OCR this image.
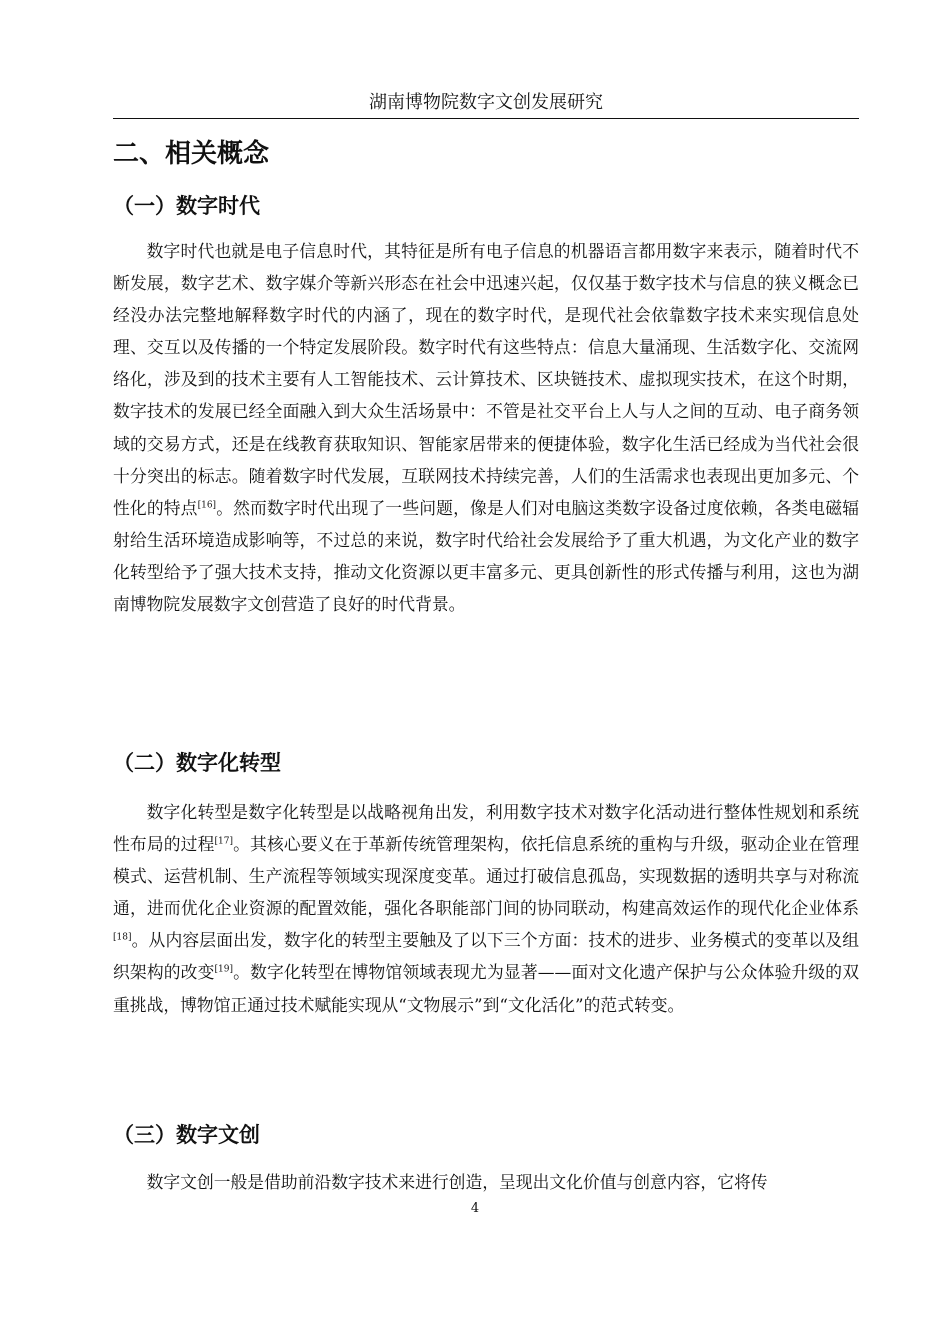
湖南博物院数字文创发展研究
二、相关概念
（一）数字时代

数字时代也就是电子信息时代，其特征是所有电子信息的机器语言都用数字来表示，随着时代不断发展，数字艺术、数字媒介等新兴形态在社会中迅速兴起，仅仅基于数字技术与信息的狭义概念已经没办法完整地解释数字时代的内涵了，现在的数字时代，是现代社会依靠数字技术来实现信息处理、交互以及传播的一个特定发展阶段。数字时代有这些特点：信息大量涌现、生活数字化、交流网络化，涉及到的技术主要有人工智能技术、云计算技术、区块链技术、虚拟现实技术，在这个时期，数字技术的发展已经全面融入到大众生活场景中：不管是社交平台上人与人之间的互动、电子商务领域的交易方式，还是在线教育获取知识、智能家居带来的便捷体验，数字化生活已经成为当代社会很十分突出的标志。随着数字时代发展，互联网技术持续完善，人们的生活需求也表现出更加多元、个性化的特点[16]。然而数字时代出现了一些问题，像是人们对电脑这类数字设备过度依赖，各类电磁辐射给生活环境造成影响等，不过总的来说，数字时代给社会发展给予了重大机遇，为文化产业的数字化转型给予了强大技术支持，推动文化资源以更丰富多元、更具创新性的形式传播与利用，这也为湖南博物院发展数字文创营造了良好的时代背景。

（二）数字化转型

数字化转型是数字化转型是以战略视角出发，利用数字技术对数字化活动进行整体性规划和系统性布局的过程[17]。其核心要义在于革新传统管理架构，依托信息系统的重构与升级，驱动企业在管理模式、运营机制、生产流程等领域实现深度变革。通过打破信息孤岛，实现数据的透明共享与对称流通，进而优化企业资源的配置效能，强化各职能部门间的协同联动，构建高效运作的现代化企业体系[18]。从内容层面出发，数字化的转型主要触及了以下三个方面：技术的进步、业务模式的变革以及组织架构的改变[19]。数字化转型在博物馆领域表现尤为显著——面对文化遗产保护与公众体验升级的双重挑战，博物馆正通过技术赋能实现从“文物展示”到“文化活化”的范式转变。

（三）数字文创

数字文创一般是借助前沿数字技术来进行创造，呈现出文化价值与创意内容，它将传

4
